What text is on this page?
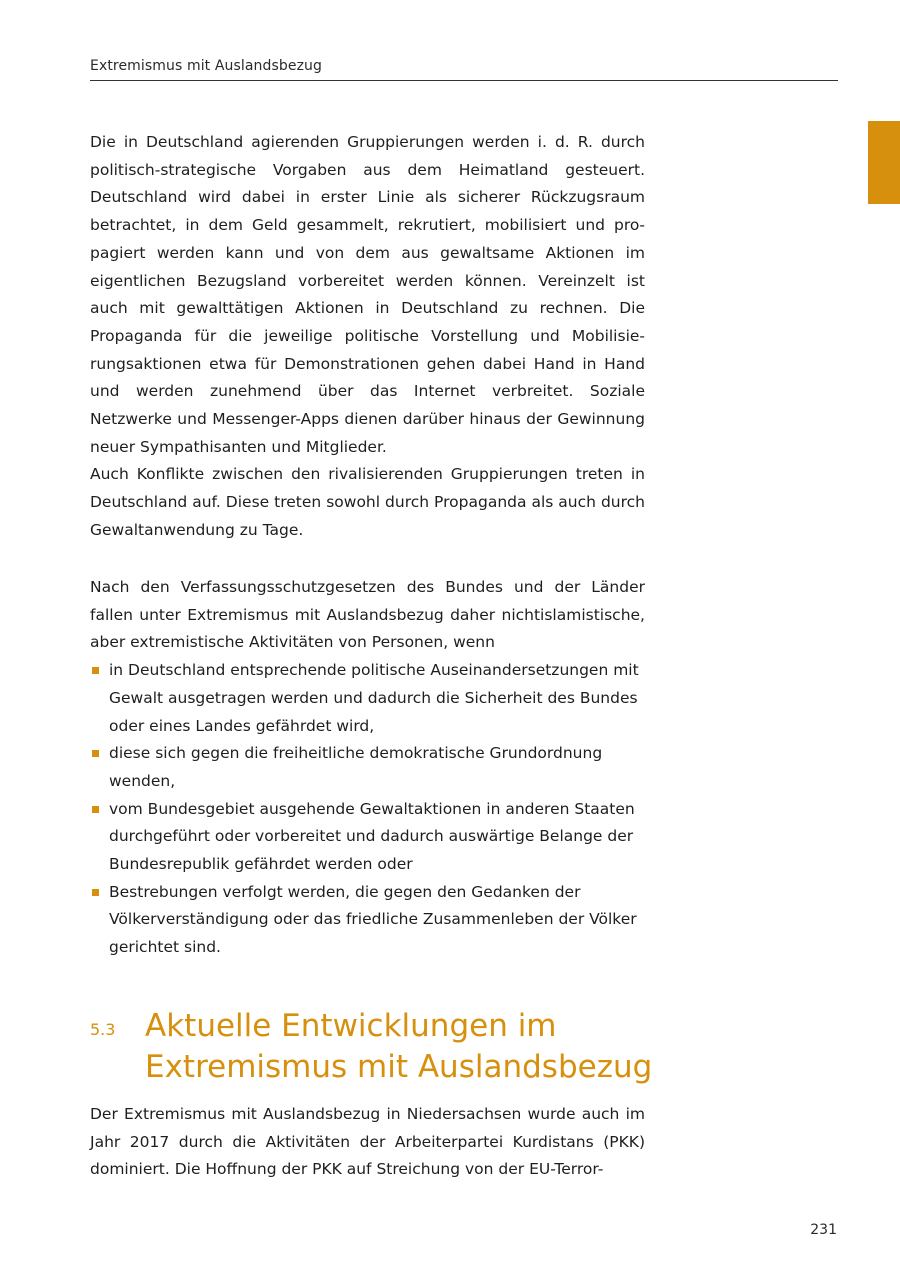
Extremismus mit Auslandsbezug

Die in Deutschland agierenden Gruppierungen werden i. d. R. durch politisch-strategische Vorgaben aus dem Heimatland gesteuert. Deutschland wird dabei in erster Linie als sicherer Rückzugsraum betrachtet, in dem Geld gesammelt, rekrutiert, mobilisiert und propagiert werden kann und von dem aus gewaltsame Aktionen im eigentlichen Bezugsland vorbereitet werden können. Vereinzelt ist auch mit gewalttätigen Aktionen in Deutschland zu rechnen. Die Propaganda für die jeweilige politische Vorstellung und Mobilisierungsaktionen etwa für Demonstrationen gehen dabei Hand in Hand und werden zunehmend über das Internet verbreitet. Soziale Netzwerke und Messenger-Apps dienen darüber hinaus der Gewinnung neuer Sympathisanten und Mitglieder.

Auch Konflikte zwischen den rivalisierenden Gruppierungen treten in Deutschland auf. Diese treten sowohl durch Propaganda als auch durch Gewaltanwendung zu Tage.

Nach den Verfassungsschutzgesetzen des Bundes und der Länder fallen unter Extremismus mit Auslandsbezug daher nichtislamistische, aber extremistische Aktivitäten von Personen, wenn

in Deutschland entsprechende politische Auseinandersetzungen mit Gewalt ausgetragen werden und dadurch die Sicherheit des Bundes oder eines Landes gefährdet wird,
diese sich gegen die freiheitliche demokratische Grundordnung wenden,
vom Bundesgebiet ausgehende Gewaltaktionen in anderen Staaten durchgeführt oder vorbereitet und dadurch auswärtige Belange der Bundesrepublik gefährdet werden oder
Bestrebungen verfolgt werden, die gegen den Gedanken der Völkerverständigung oder das friedliche Zusammenleben der Völker gerichtet sind.
5.3 Aktuelle Entwicklungen im
Extremismus mit Auslandsbezug

Der Extremismus mit Auslandsbezug in Niedersachsen wurde auch im Jahr 2017 durch die Aktivitäten der Arbeiterpartei Kurdistans (PKK) dominiert. Die Hoffnung der PKK auf Streichung von der EU-Terror-

231
